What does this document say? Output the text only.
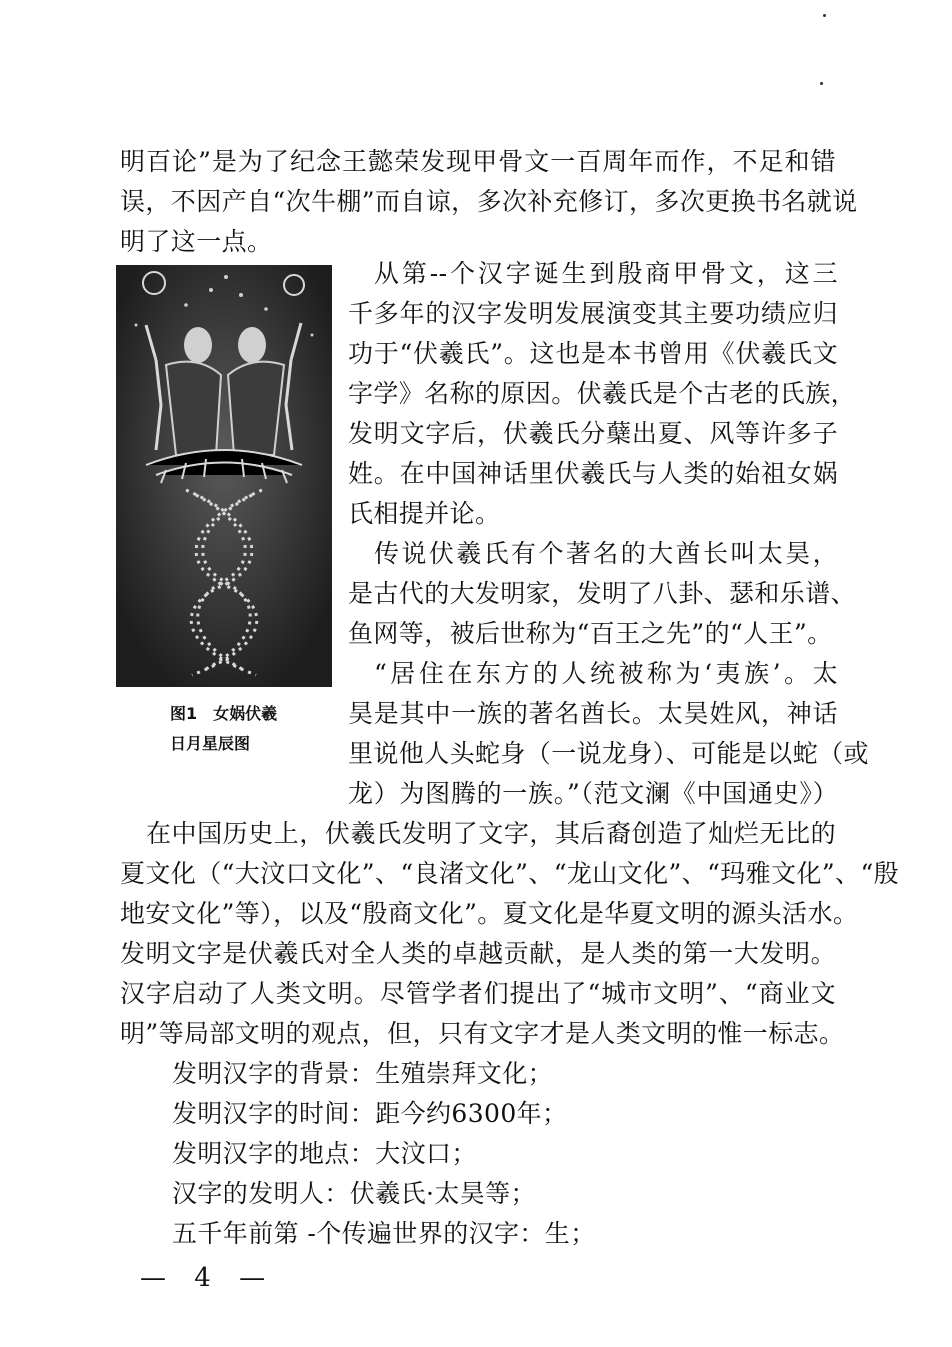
明百论”是为了纪念王懿荣发现甲骨文一百周年而作，不足和错
误，不因产自“次牛棚”而自谅，多次补充修订，多次更换书名就说
明了这一点。
图1　女娲伏羲
日月星辰图
从第--个汉字诞生到殷商甲骨文，这三
千多年的汉字发明发展演变其主要功绩应归
功于“伏羲氏”。这也是本书曾用《伏羲氏文
字学》名称的原因。伏羲氏是个古老的氏族，
发明文字后，伏羲氏分蘖出夏、风等许多子
姓。在中国神话里伏羲氏与人类的始祖女娲
氏相提并论。
传说伏羲氏有个著名的大酋长叫太昊，
是古代的大发明家，发明了八卦、瑟和乐谱、
鱼网等，被后世称为“百王之先”的“人王”。
“居住在东方的人统被称为‘夷族’。太
昊是其中一族的著名酋长。太昊姓风，神话
里说他人头蛇身（一说龙身）、可能是以蛇（或
龙）为图腾的一族。”（范文澜《中国通史》）
在中国历史上，伏羲氏发明了文字，其后裔创造了灿烂无比的
夏文化（“大汶口文化”、“良渚文化”、“龙山文化”、“玛雅文化”、“殷
地安文化”等），以及“殷商文化”。夏文化是华夏文明的源头活水。
发明文字是伏羲氏对全人类的卓越贡献，是人类的第一大发明。
汉字启动了人类文明。尽管学者们提出了“城市文明”、“商业文
明”等局部文明的观点，但，只有文字才是人类文明的惟一标志。
发明汉字的背景：生殖崇拜文化；
发明汉字的时间：距今约6300年；
发明汉字的地点：大汶口；
汉字的发明人：伏羲氏·太昊等；
五千年前第 -个传遍世界的汉字：生；
— 4 —
